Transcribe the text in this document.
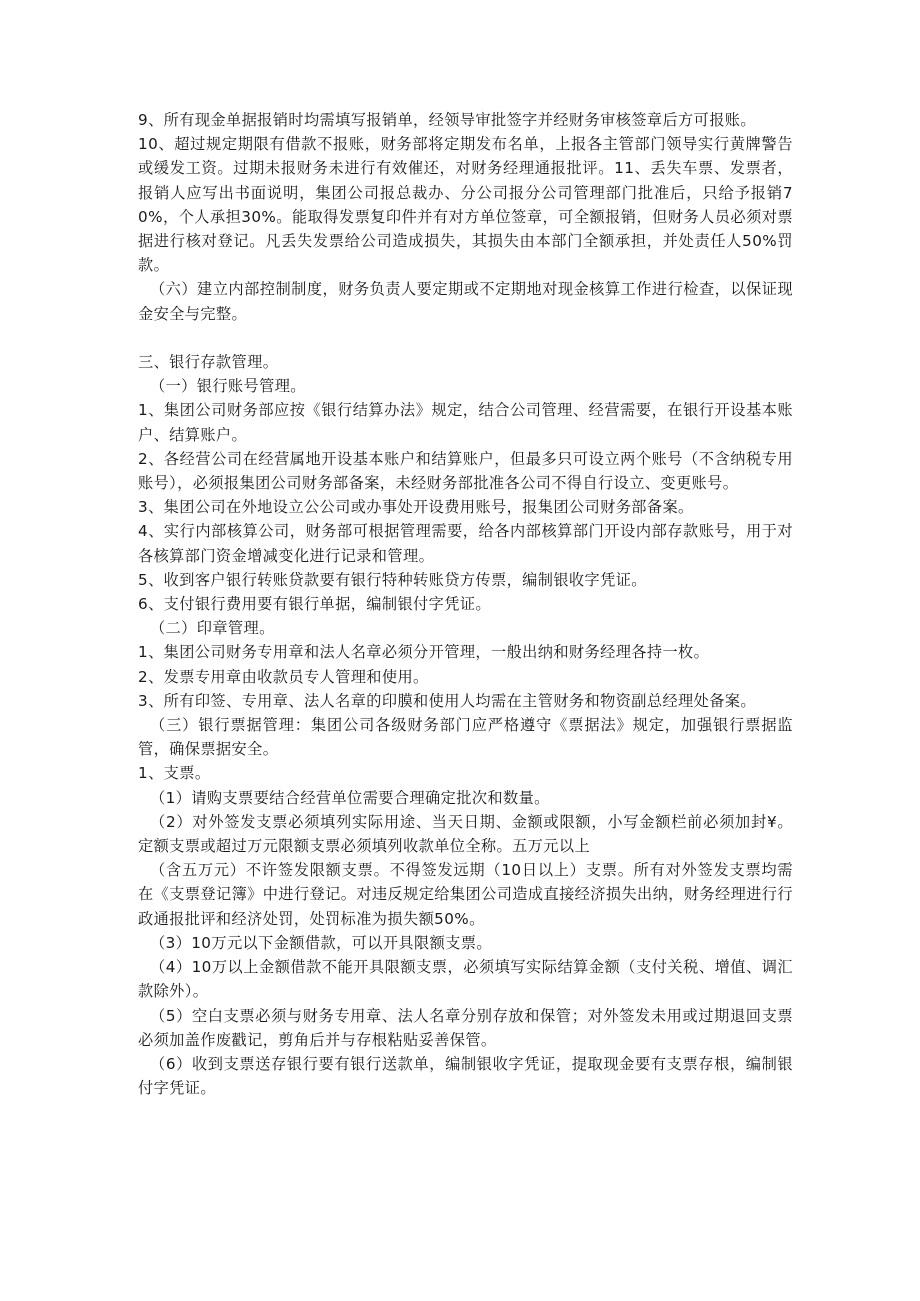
9、所有现金单据报销时均需填写报销单，经领导审批签字并经财务审核签章后方可报账。

10、超过规定期限有借款不报账，财务部将定期发布名单，上报各主管部门领导实行黄牌警告或缓发工资。过期未报财务未进行有效催还，对财务经理通报批评。11、丢失车票、发票者，报销人应写出书面说明，集团公司报总裁办、分公司报分公司管理部门批准后，只给予报销70%，个人承担30%。能取得发票复印件并有对方单位签章，可全额报销，但财务人员必须对票据进行核对登记。凡丢失发票给公司造成损失，其损失由本部门全额承担，并处责任人50%罚款。

（六）建立内部控制制度，财务负责人要定期或不定期地对现金核算工作进行检查，以保证现金安全与完整。

三、银行存款管理。

（一）银行账号管理。

1、集团公司财务部应按《银行结算办法》规定，结合公司管理、经营需要，在银行开设基本账户、结算账户。

2、各经营公司在经营属地开设基本账户和结算账户，但最多只可设立两个账号（不含纳税专用账号），必须报集团公司财务部备案，未经财务部批准各公司不得自行设立、变更账号。

3、集团公司在外地设立公公司或办事处开设费用账号，报集团公司财务部备案。

4、实行内部核算公司，财务部可根据管理需要，给各内部核算部门开设内部存款账号，用于对各核算部门资金增减变化进行记录和管理。

5、收到客户银行转账贷款要有银行特种转账贷方传票，编制银收字凭证。

6、支付银行费用要有银行单据，编制银付字凭证。

（二）印章管理。

1、集团公司财务专用章和法人名章必须分开管理，一般出纳和财务经理各持一枚。

2、发票专用章由收款员专人管理和使用。

3、所有印签、专用章、法人名章的印膜和使用人均需在主管财务和物资副总经理处备案。

（三）银行票据管理：集团公司各级财务部门应严格遵守《票据法》规定，加强银行票据监管，确保票据安全。

1、支票。

（1）请购支票要结合经营单位需要合理确定批次和数量。

（2）对外签发支票必须填列实际用途、当天日期、金额或限额，小写金额栏前必须加封¥。定额支票或超过万元限额支票必须填列收款单位全称。五万元以上

（含五万元）不许签发限额支票。不得签发远期（10日以上）支票。所有对外签发支票均需在《支票登记簿》中进行登记。对违反规定给集团公司造成直接经济损失出纳，财务经理进行行政通报批评和经济处罚，处罚标准为损失额50%。

（3）10万元以下金额借款，可以开具限额支票。

（4）10万以上金额借款不能开具限额支票，必须填写实际结算金额（支付关税、增值、调汇款除外）。

（5）空白支票必须与财务专用章、法人名章分别存放和保管；对外签发未用或过期退回支票必须加盖作废戳记，剪角后并与存根粘贴妥善保管。

（6）收到支票送存银行要有银行送款单，编制银收字凭证，提取现金要有支票存根，编制银付字凭证。
